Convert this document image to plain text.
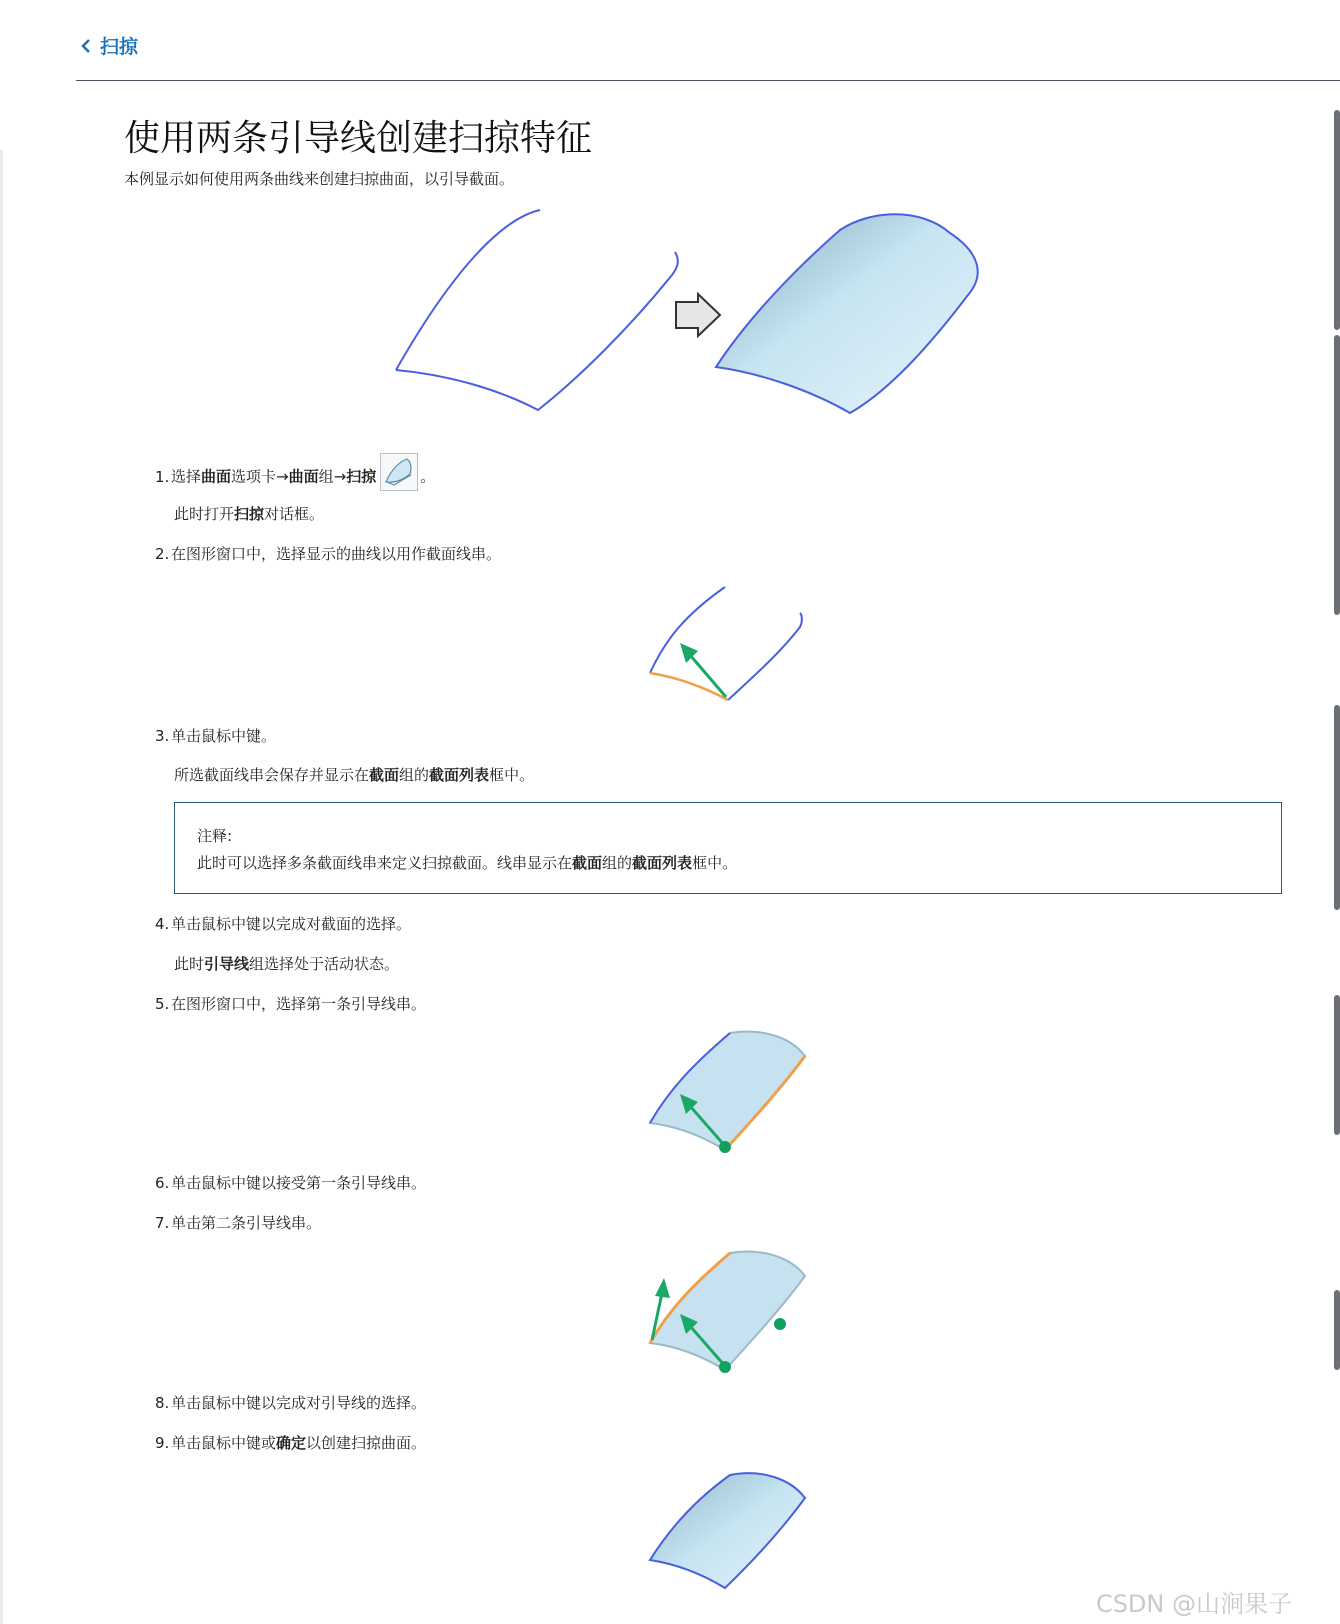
扫掠
使用两条引导线创建扫掠特征
本例显示如何使用两条曲线来创建扫掠曲面，以引导截面。
1. 选择曲面选项卡→曲面组→扫掠	。
此时打开扫掠对话框。
2. 在图形窗口中，选择显示的曲线以用作截面线串。
3. 单击鼠标中键。
所选截面线串会保存并显示在截面组的截面列表框中。
注释:
此时可以选择多条截面线串来定义扫掠截面。线串显示在截面组的截面列表框中。
4. 单击鼠标中键以完成对截面的选择。
此时引导线组选择处于活动状态。
5. 在图形窗口中，选择第一条引导线串。
6. 单击鼠标中键以接受第一条引导线串。
7. 单击第二条引导线串。
8. 单击鼠标中键以完成对引导线的选择。
9. 单击鼠标中键或确定以创建扫掠曲面。
CSDN @山涧果子
